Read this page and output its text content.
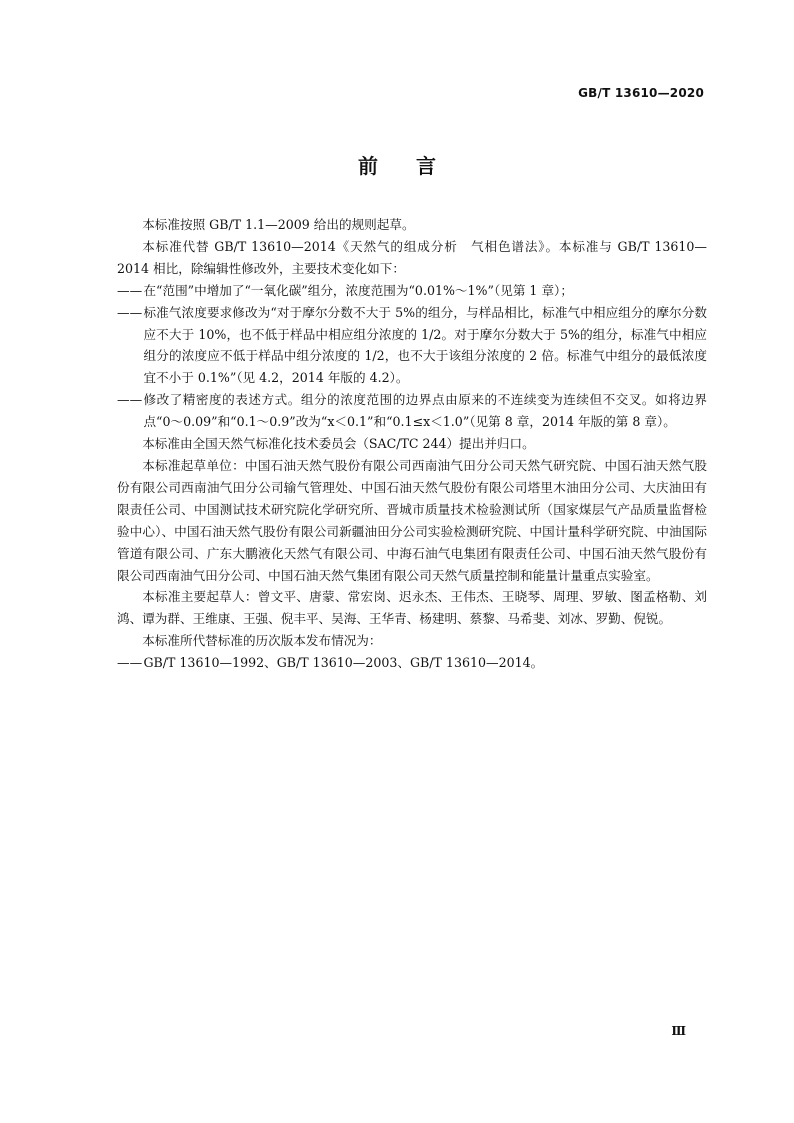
GB/T 13610—2020
前言

本标准按照 GB/T 1.1—2009 给出的规则起草。

本标准代替 GB/T 13610—2014《天然气的组成分析　气相色谱法》。本标准与 GB/T 13610—2014 相比，除编辑性修改外，主要技术变化如下：

—— 在“范围”中增加了“一氧化碳”组分，浓度范围为“0.01%～1%”（见第 1 章）；

—— 标准气浓度要求修改为“对于摩尔分数不大于 5%的组分，与样品相比，标准气中相应组分的摩尔分数应不大于 10%，也不低于样品中相应组分浓度的 1/2。对于摩尔分数大于 5%的组分，标准气中相应组分的浓度应不低于样品中组分浓度的 1/2，也不大于该组分浓度的 2 倍。标准气中组分的最低浓度宜不小于 0.1%”（见 4.2，2014 年版的 4.2）。

—— 修改了精密度的表述方式。组分的浓度范围的边界点由原来的不连续变为连续但不交叉。如将边界点“0～0.09”和“0.1～0.9”改为“x＜0.1”和“0.1≤x＜1.0”（见第 8 章，2014 年版的第 8 章）。

本标准由全国天然气标准化技术委员会（SAC/TC 244）提出并归口。

本标准起草单位：中国石油天然气股份有限公司西南油气田分公司天然气研究院、中国石油天然气股份有限公司西南油气田分公司输气管理处、中国石油天然气股份有限公司塔里木油田分公司、大庆油田有限责任公司、中国测试技术研究院化学研究所、晋城市质量技术检验测试所（国家煤层气产品质量监督检验中心）、中国石油天然气股份有限公司新疆油田分公司实验检测研究院、中国计量科学研究院、中油国际管道有限公司、广东大鹏液化天然气有限公司、中海石油气电集团有限责任公司、中国石油天然气股份有限公司西南油气田分公司、中国石油天然气集团有限公司天然气质量控制和能量计量重点实验室。

本标准主要起草人：曾文平、唐蒙、常宏岗、迟永杰、王伟杰、王晓琴、周理、罗敏、图孟格勒、刘鸿、谭为群、王维康、王强、倪丰平、吴海、王华青、杨建明、蔡黎、马希斐、刘冰、罗勤、倪锐。

本标准所代替标准的历次版本发布情况为：

—— GB/T 13610—1992、GB/T 13610—2003、GB/T 13610—2014。

Ⅲ
